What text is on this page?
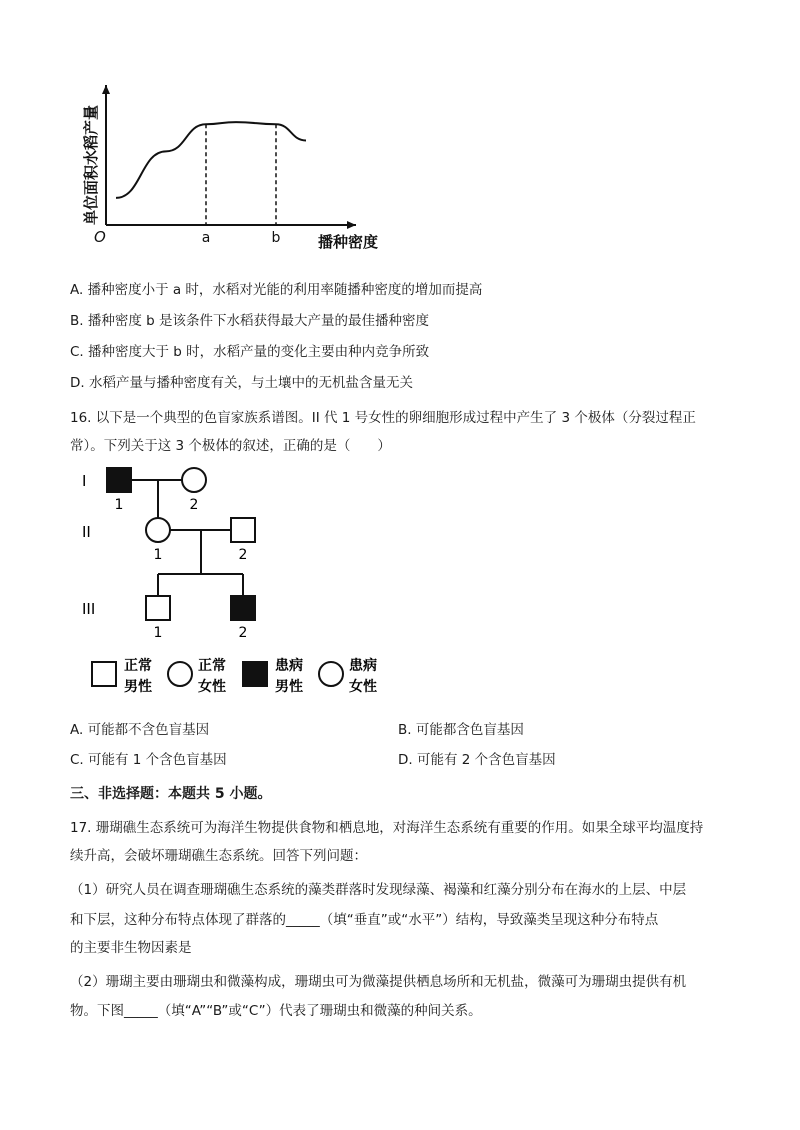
a	b
O	播种密度
单位面积水稻产量
A. 播种密度小于 a 时，水稻对光能的利用率随播种密度的增加而提高
B. 播种密度 b 是该条件下水稻获得最大产量的最佳播种密度
C. 播种密度大于 b 时，水稻产量的变化主要由种内竞争所致
D. 水稻产量与播种密度有关，与土壤中的无机盐含量无关
16. 以下是一个典型的色盲家族系谱图。II 代 1 号女性的卵细胞形成过程中产生了 3 个极体（分裂过程正
常）。下列关于这 3 个极体的叙述，正确的是（　　）
I
II
III
1	2
1	2
1	2
正常
男性
正常
女性
患病
男性
患病
女性
A. 可能都不含色盲基因	B. 可能都含色盲基因
C. 可能有 1 个含色盲基因	D. 可能有 2 个含色盲基因
三、非选择题：本题共 5 小题。
17. 珊瑚礁生态系统可为海洋生物提供食物和栖息地，对海洋生态系统有重要的作用。如果全球平均温度持
续升高，会破坏珊瑚礁生态系统。回答下列问题：
（1）研究人员在调查珊瑚礁生态系统的藻类群落时发现绿藻、褐藻和红藻分别分布在海水的上层、中层
和下层，这种分布特点体现了群落的_____（填“垂直”或“水平”）结构，导致藻类呈现这种分布特点
的主要非生物因素是
（2）珊瑚主要由珊瑚虫和微藻构成，珊瑚虫可为微藻提供栖息场所和无机盐，微藻可为珊瑚虫提供有机
物。下图_____（填“A”“B”或“C”）代表了珊瑚虫和微藻的种间关系。
